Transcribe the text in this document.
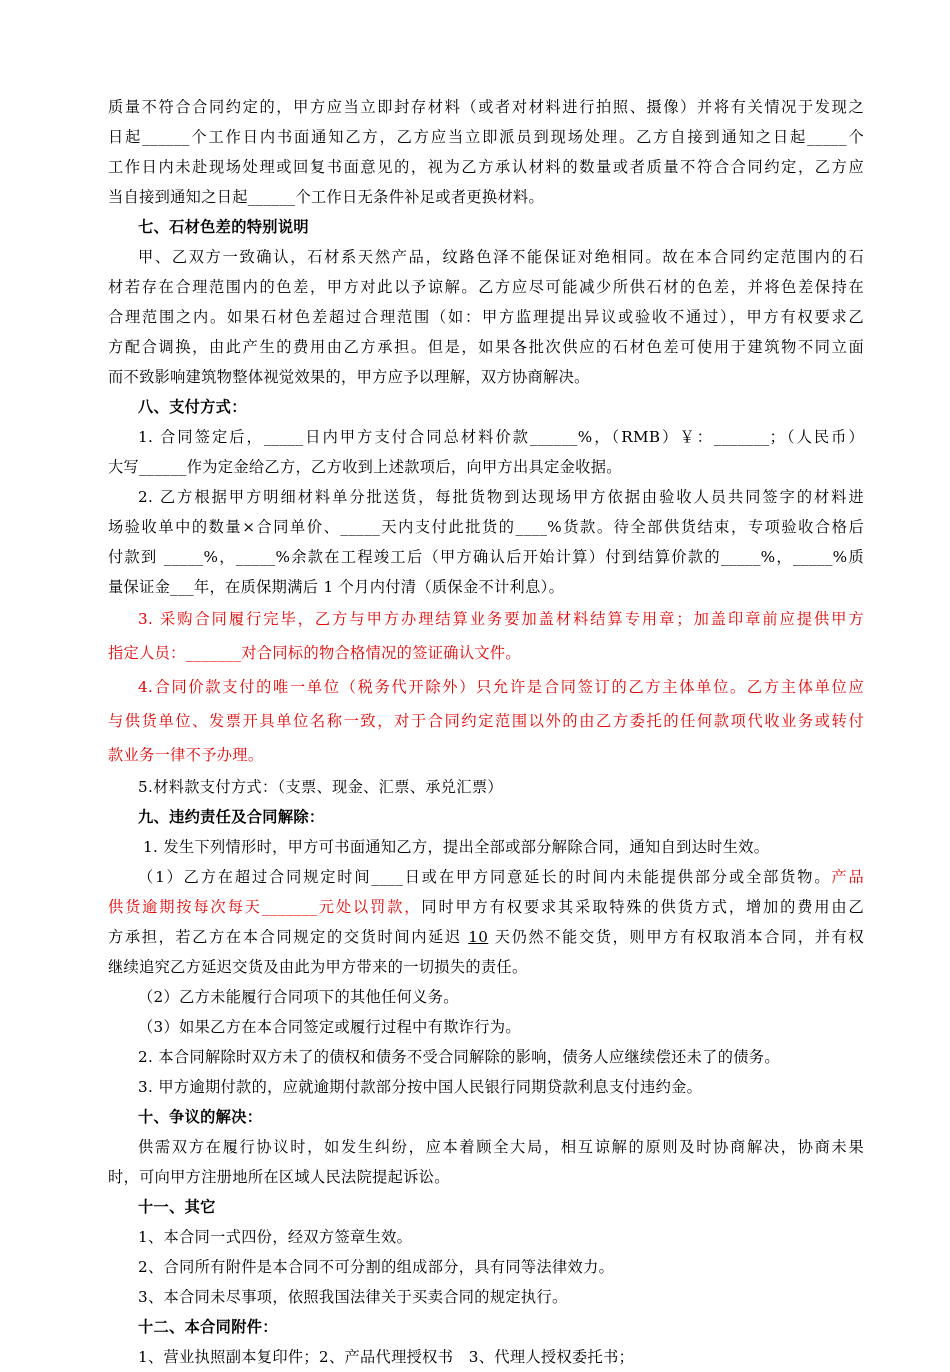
质量不符合合同约定的，甲方应当立即封存材料（或者对材料进行拍照、摄像）并将有关情况于发现之
日起______个工作日内书面通知乙方，乙方应当立即派员到现场处理。乙方自接到通知之日起_____个
工作日内未赴现场处理或回复书面意见的，视为乙方承认材料的数量或者质量不符合合同约定，乙方应
当自接到通知之日起______个工作日无条件补足或者更换材料。
七、石材色差的特别说明
甲、乙双方一致确认，石材系天然产品，纹路色泽不能保证对绝相同。故在本合同约定范围内的石
材若存在合理范围内的色差，甲方对此以予谅解。乙方应尽可能减少所供石材的色差，并将色差保持在
合理范围之内。如果石材色差超过合理范围（如：甲方监理提出异议或验收不通过），甲方有权要求乙
方配合调换，由此产生的费用由乙方承担。但是，如果各批次供应的石材色差可使用于建筑物不同立面
而不致影响建筑物整体视觉效果的，甲方应予以理解，双方协商解决。
八、支付方式：
1. 合同签定后，_____日内甲方支付合同总材料价款______%，（RMB）￥：_______；（人民币）
大写______作为定金给乙方，乙方收到上述款项后，向甲方出具定金收据。
2. 乙方根据甲方明细材料单分批送货，每批货物到达现场甲方依据由验收人员共同签字的材料进
场验收单中的数量×合同单价、_____天内支付此批货的____%货款。待全部供货结束，专项验收合格后
付款到 _____%，_____%余款在工程竣工后（甲方确认后开始计算）付到结算价款的_____%，_____%质
量保证金___年，在质保期满后 1 个月内付清（质保金不计利息）。
3. 采购合同履行完毕，乙方与甲方办理结算业务要加盖材料结算专用章；加盖印章前应提供甲方
指定人员：_______对合同标的物合格情况的签证确认文件。
4.合同价款支付的唯一单位（税务代开除外）只允许是合同签订的乙方主体单位。乙方主体单位应
与供货单位、发票开具单位名称一致，对于合同约定范围以外的由乙方委托的任何款项代收业务或转付
款业务一律不予办理。
5.材料款支付方式：（支票、现金、汇票、承兑汇票）
九、违约责任及合同解除：
1. 发生下列情形时，甲方可书面通知乙方，提出全部或部分解除合同，通知自到达时生效。
（1）乙方在超过合同规定时间____日或在甲方同意延长的时间内未能提供部分或全部货物。产品
供货逾期按每次每天_______元处以罚款，同时甲方有权要求其采取特殊的供货方式，增加的费用由乙
方承担，若乙方在本合同规定的交货时间内延迟 10 天仍然不能交货，则甲方有权取消本合同，并有权
继续追究乙方延迟交货及由此为甲方带来的一切损失的责任。
（2）乙方未能履行合同项下的其他任何义务。
（3）如果乙方在本合同签定或履行过程中有欺诈行为。
2. 本合同解除时双方未了的债权和债务不受合同解除的影响，债务人应继续偿还未了的债务。
3. 甲方逾期付款的，应就逾期付款部分按中国人民银行同期贷款利息支付违约金。
十、争议的解决：
供需双方在履行协议时，如发生纠纷，应本着顾全大局，相互谅解的原则及时协商解决，协商未果
时，可向甲方注册地所在区域人民法院提起诉讼。
十一、其它
1、本合同一式四份，经双方签章生效。
2、合同所有附件是本合同不可分割的组成部分，具有同等法律效力。
3、本合同未尽事项，依照我国法律关于买卖合同的规定执行。
十二、本合同附件：
1、营业执照副本复印件；2、产品代理授权书   3、代理人授权委托书；
